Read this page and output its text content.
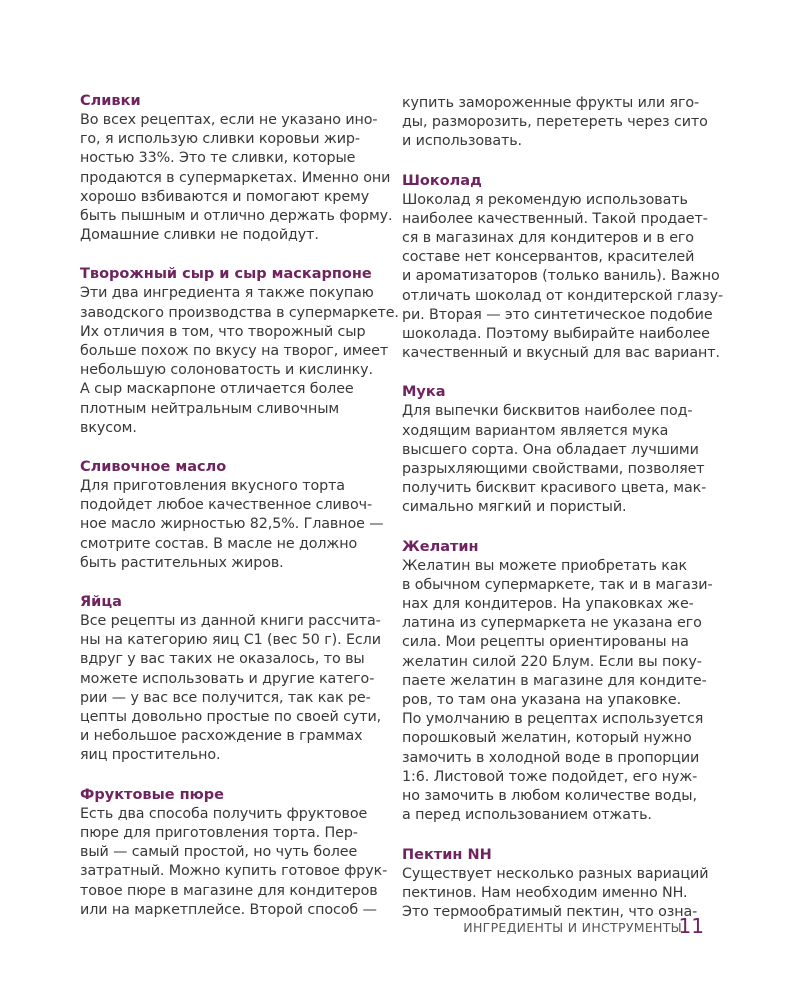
Сливки
Во всех рецептах, если не указано ино-
го, я использую сливки коровьи жир-
ностью 33%. Это те сливки, которые
продаются в супермаркетах. Именно они
хорошо взбиваются и помогают крему
быть пышным и отлично держать форму.
Домашние сливки не подойдут.
Творожный сыр и сыр маскарпоне
Эти два ингредиента я также покупаю
заводского производства в супермаркете.
Их отличия в том, что творожный сыр
больше похож по вкусу на творог, имеет
небольшую солоноватость и кислинку.
А сыр маскарпоне отличается более
плотным нейтральным сливочным
вкусом.
Сливочное масло
Для приготовления вкусного торта
подойдет любое качественное сливоч-
ное масло жирностью 82,5%. Главное —
смотрите состав. В масле не должно
быть растительных жиров.
Яйца
Все рецепты из данной книги рассчита-
ны на категорию яиц С1 (вес 50 г). Если
вдруг у вас таких не оказалось, то вы
можете использовать и другие катего-
рии — у вас все получится, так как ре-
цепты довольно простые по своей сути,
и небольшое расхождение в граммах
яиц простительно.
Фруктовые пюре
Есть два способа получить фруктовое
пюре для приготовления торта. Пер-
вый — самый простой, но чуть более
затратный. Можно купить готовое фрук-
товое пюре в магазине для кондитеров
или на маркетплейсе. Второй способ —
купить замороженные фрукты или яго-
ды, разморозить, перетереть через сито
и использовать.
Шоколад
Шоколад я рекомендую использовать
наиболее качественный. Такой продает-
ся в магазинах для кондитеров и в его
составе нет консервантов, красителей
и ароматизаторов (только ваниль). Важно
отличать шоколад от кондитерской глазу-
ри. Вторая — это синтетическое подобие
шоколада. Поэтому выбирайте наиболее
качественный и вкусный для вас вариант.
Мука
Для выпечки бисквитов наиболее под-
ходящим вариантом является мука
высшего сорта. Она обладает лучшими
разрыхляющими свойствами, позволяет
получить бисквит красивого цвета, мак-
симально мягкий и пористый.
Желатин
Желатин вы можете приобретать как
в обычном супермаркете, так и в магази-
нах для кондитеров. На упаковках же-
латина из супермаркета не указана его
сила. Мои рецепты ориентированы на
желатин силой 220 Блум. Если вы поку-
паете желатин в магазине для кондите-
ров, то там она указана на упаковке.
По умолчанию в рецептах используется
порошковый желатин, который нужно
замочить в холодной воде в пропорции
1:6. Листовой тоже подойдет, его нуж-
но замочить в любом количестве воды,
а перед использованием отжать.
Пектин NH
Существует несколько разных вариаций
пектинов. Нам необходим именно NH.
Это термообратимый пектин, что озна-
ИНГРЕДИЕНТЫ И ИНСТРУМЕНТЫ
11
